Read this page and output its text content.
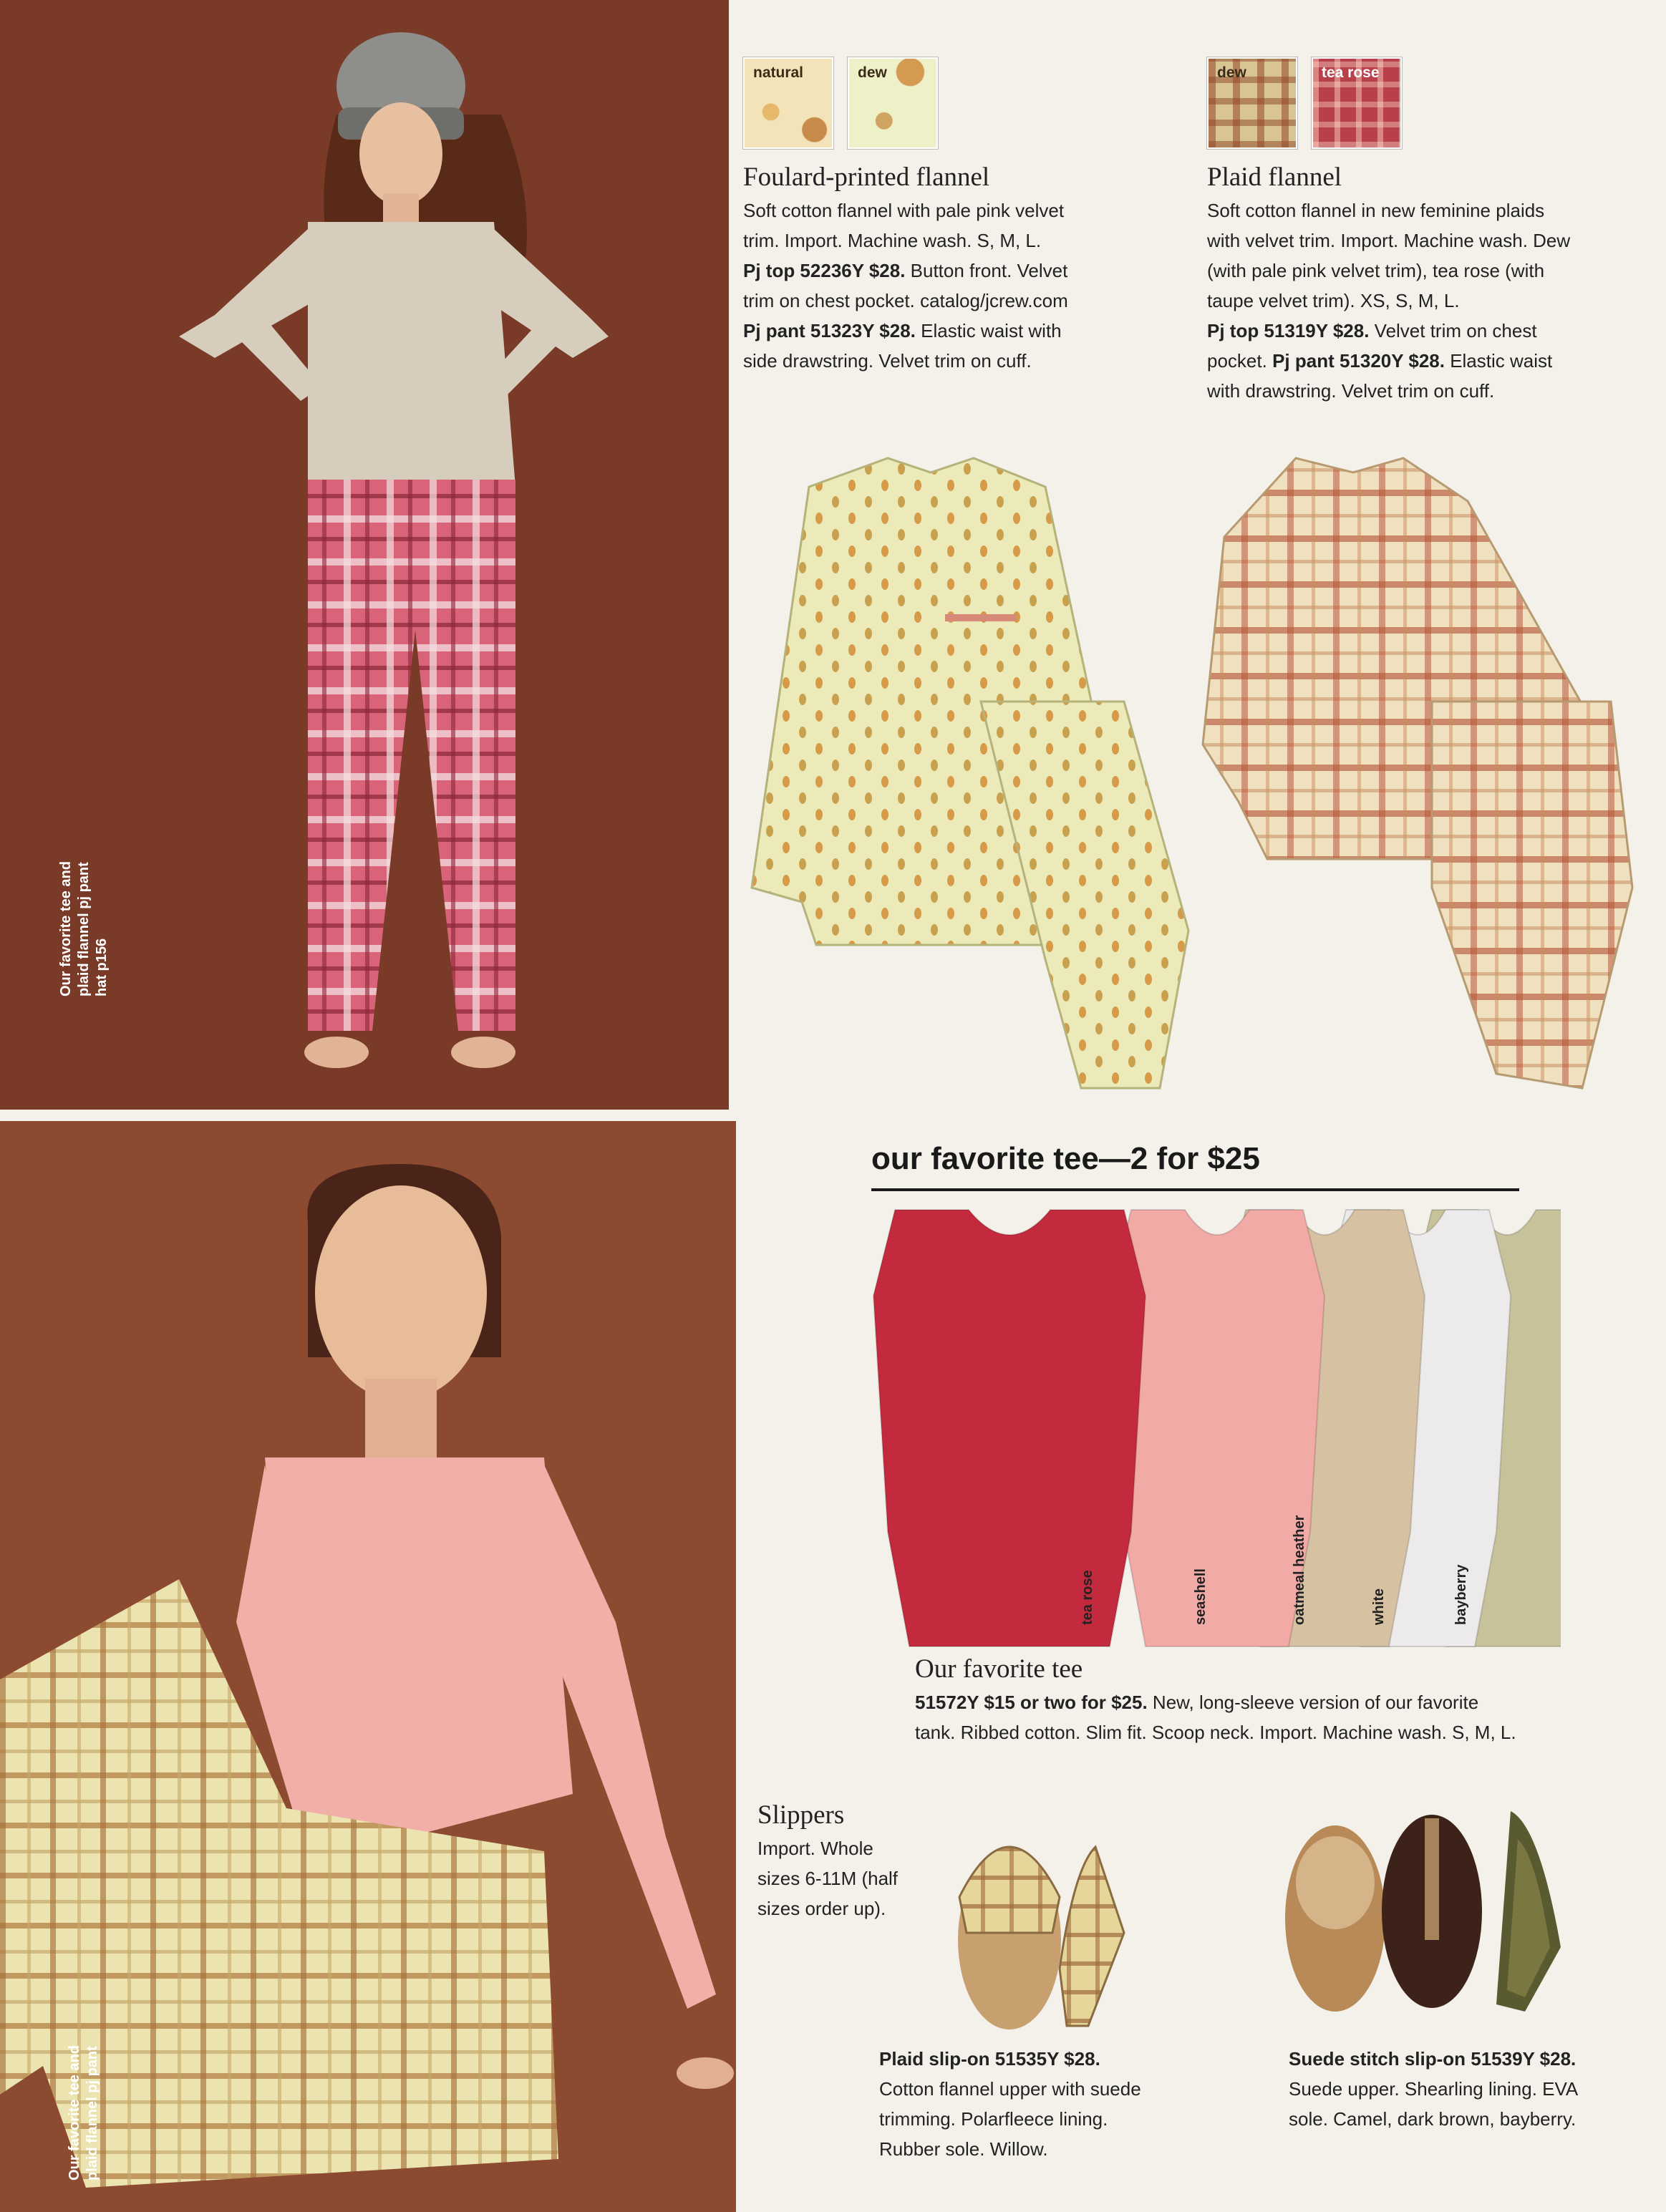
Our favorite tee and plaid flannel pj pant hat p156
Our favorite tee and plaid flannel pj pant
natural	dew
Foulard-printed flannel

Soft cotton flannel with pale pink velvet

trim. Import. Machine wash. S, M, L.

Pj top 52236Y $28. Button front. Velvet

trim on chest pocket. catalog/jcrew.com

Pj pant 51323Y $28. Elastic waist with

side drawstring. Velvet trim on cuff.

dew	tea rose
Plaid flannel

Soft cotton flannel in new feminine plaids

with velvet trim. Import. Machine wash. Dew

(with pale pink velvet trim), tea rose (with

taupe velvet trim). XS, S, M, L.

Pj top 51319Y $28. Velvet trim on chest

pocket. Pj pant 51320Y $28. Elastic waist

with drawstring. Velvet trim on cuff.

our favorite tee—2 for $25
tea rose	seashell	oatmeal heather	white	bayberry
Our favorite tee

51572Y $15 or two for $25. New, long-sleeve version of our favorite

tank. Ribbed cotton. Slim fit. Scoop neck. Import. Machine wash. S, M, L.

Slippers

Import. Whole

sizes 6-11M (half

sizes order up).

Plaid slip-on 51535Y $28.

Cotton flannel upper with suede

trimming. Polarfleece lining.

Rubber sole. Willow.

Suede stitch slip-on 51539Y $28.

Suede upper. Shearling lining. EVA

sole. Camel, dark brown, bayberry.
